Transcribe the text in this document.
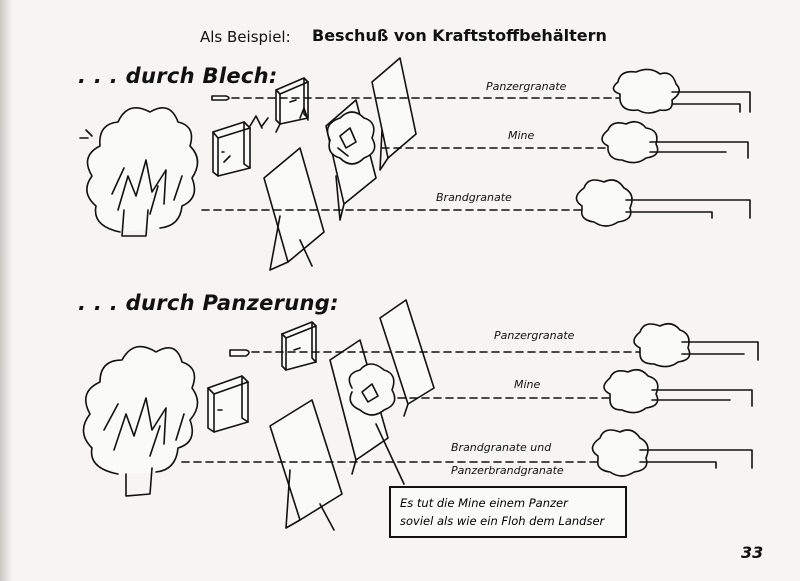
Als Beispiel: Beschuß von Kraftstoffbehältern
. . . durch Blech:	Panzergranate
Mine
Brandgranate
. . . durch Panzerung:
Panzergranate
Mine
Brandgranate und
Panzerbrandgranate
Es tut die Mine einem Panzer
soviel als wie ein Floh dem Landser
33
